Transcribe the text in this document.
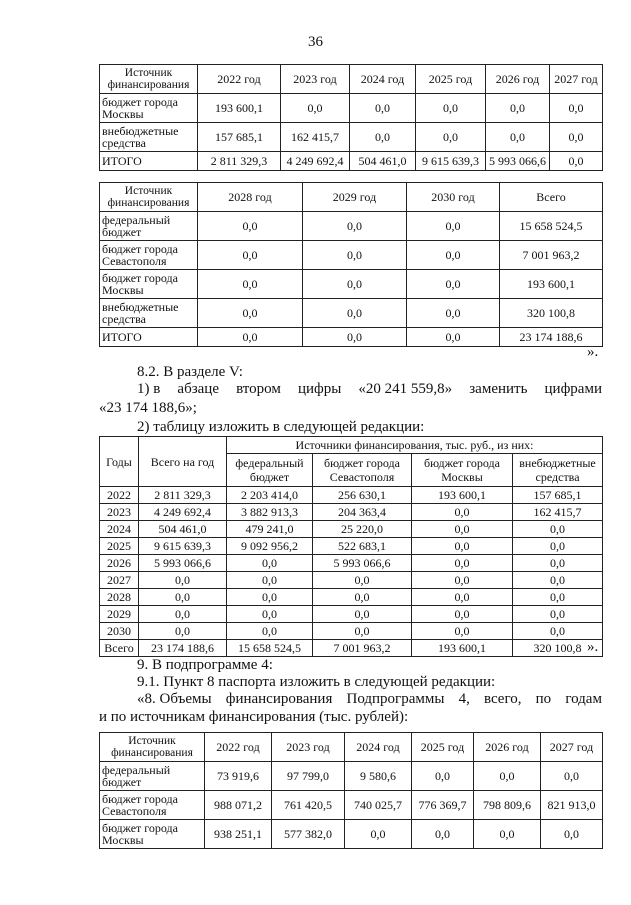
36
Источник финансирования	2022 год	2023 год	2024 год	2025 год	2026 год	2027 год
бюджет города Москвы	193 600,1	0,0	0,0	0,0	0,0	0,0
внебюджетные средства	157 685,1	162 415,7	0,0	0,0	0,0	0,0
ИТОГО	2 811 329,3	4 249 692,4	504 461,0	9 615 639,3	5 993 066,6	0,0
Источник финансирования	2028 год	2029 год	2030 год	Всего
федеральный бюджет	0,0	0,0	0,0	15 658 524,5
бюджет города Севастополя	0,0	0,0	0,0	7 001 963,2
бюджет города Москвы	0,0	0,0	0,0	193 600,1
внебюджетные средства	0,0	0,0	0,0	320 100,8
ИТОГО	0,0	0,0	0,0	23 174 188,6
».
8.2. В разделе V:
1) в абзаце втором цифры «20 241 559,8» заменить цифрами
«23 174 188,6»;
2) таблицу изложить в следующей редакции:
Годы	Всего на год	Источники финансирования, тыс. руб., из них:			
		федеральный бюджет	бюджет города Севастополя	бюджет города Москвы	внебюджетные средства
2022	2 811 329,3	2 203 414,0	256 630,1	193 600,1	157 685,1
2023	4 249 692,4	3 882 913,3	204 363,4	0,0	162 415,7
2024	504 461,0	479 241,0	25 220,0	0,0	0,0
2025	9 615 639,3	9 092 956,2	522 683,1	0,0	0,0
2026	5 993 066,6	0,0	5 993 066,6	0,0	0,0
2027	0,0	0,0	0,0	0,0	0,0
2028	0,0	0,0	0,0	0,0	0,0
2029	0,0	0,0	0,0	0,0	0,0
2030	0,0	0,0	0,0	0,0	0,0
Всего	23 174 188,6	15 658 524,5	7 001 963,2	193 600,1	320 100,8 ».
9. В подпрограмме 4:
9.1. Пункт 8 паспорта изложить в следующей редакции:
«8. Объемы финансирования Подпрограммы 4, всего, по годам
и по источникам финансирования (тыс. рублей):
Источник финансирования	2022 год	2023 год	2024 год	2025 год	2026 год	2027 год
федеральный бюджет	73 919,6	97 799,0	9 580,6	0,0	0,0	0,0
бюджет города Севастополя	988 071,2	761 420,5	740 025,7	776 369,7	798 809,6	821 913,0
бюджет города Москвы	938 251,1	577 382,0	0,0	0,0	0,0	0,0
